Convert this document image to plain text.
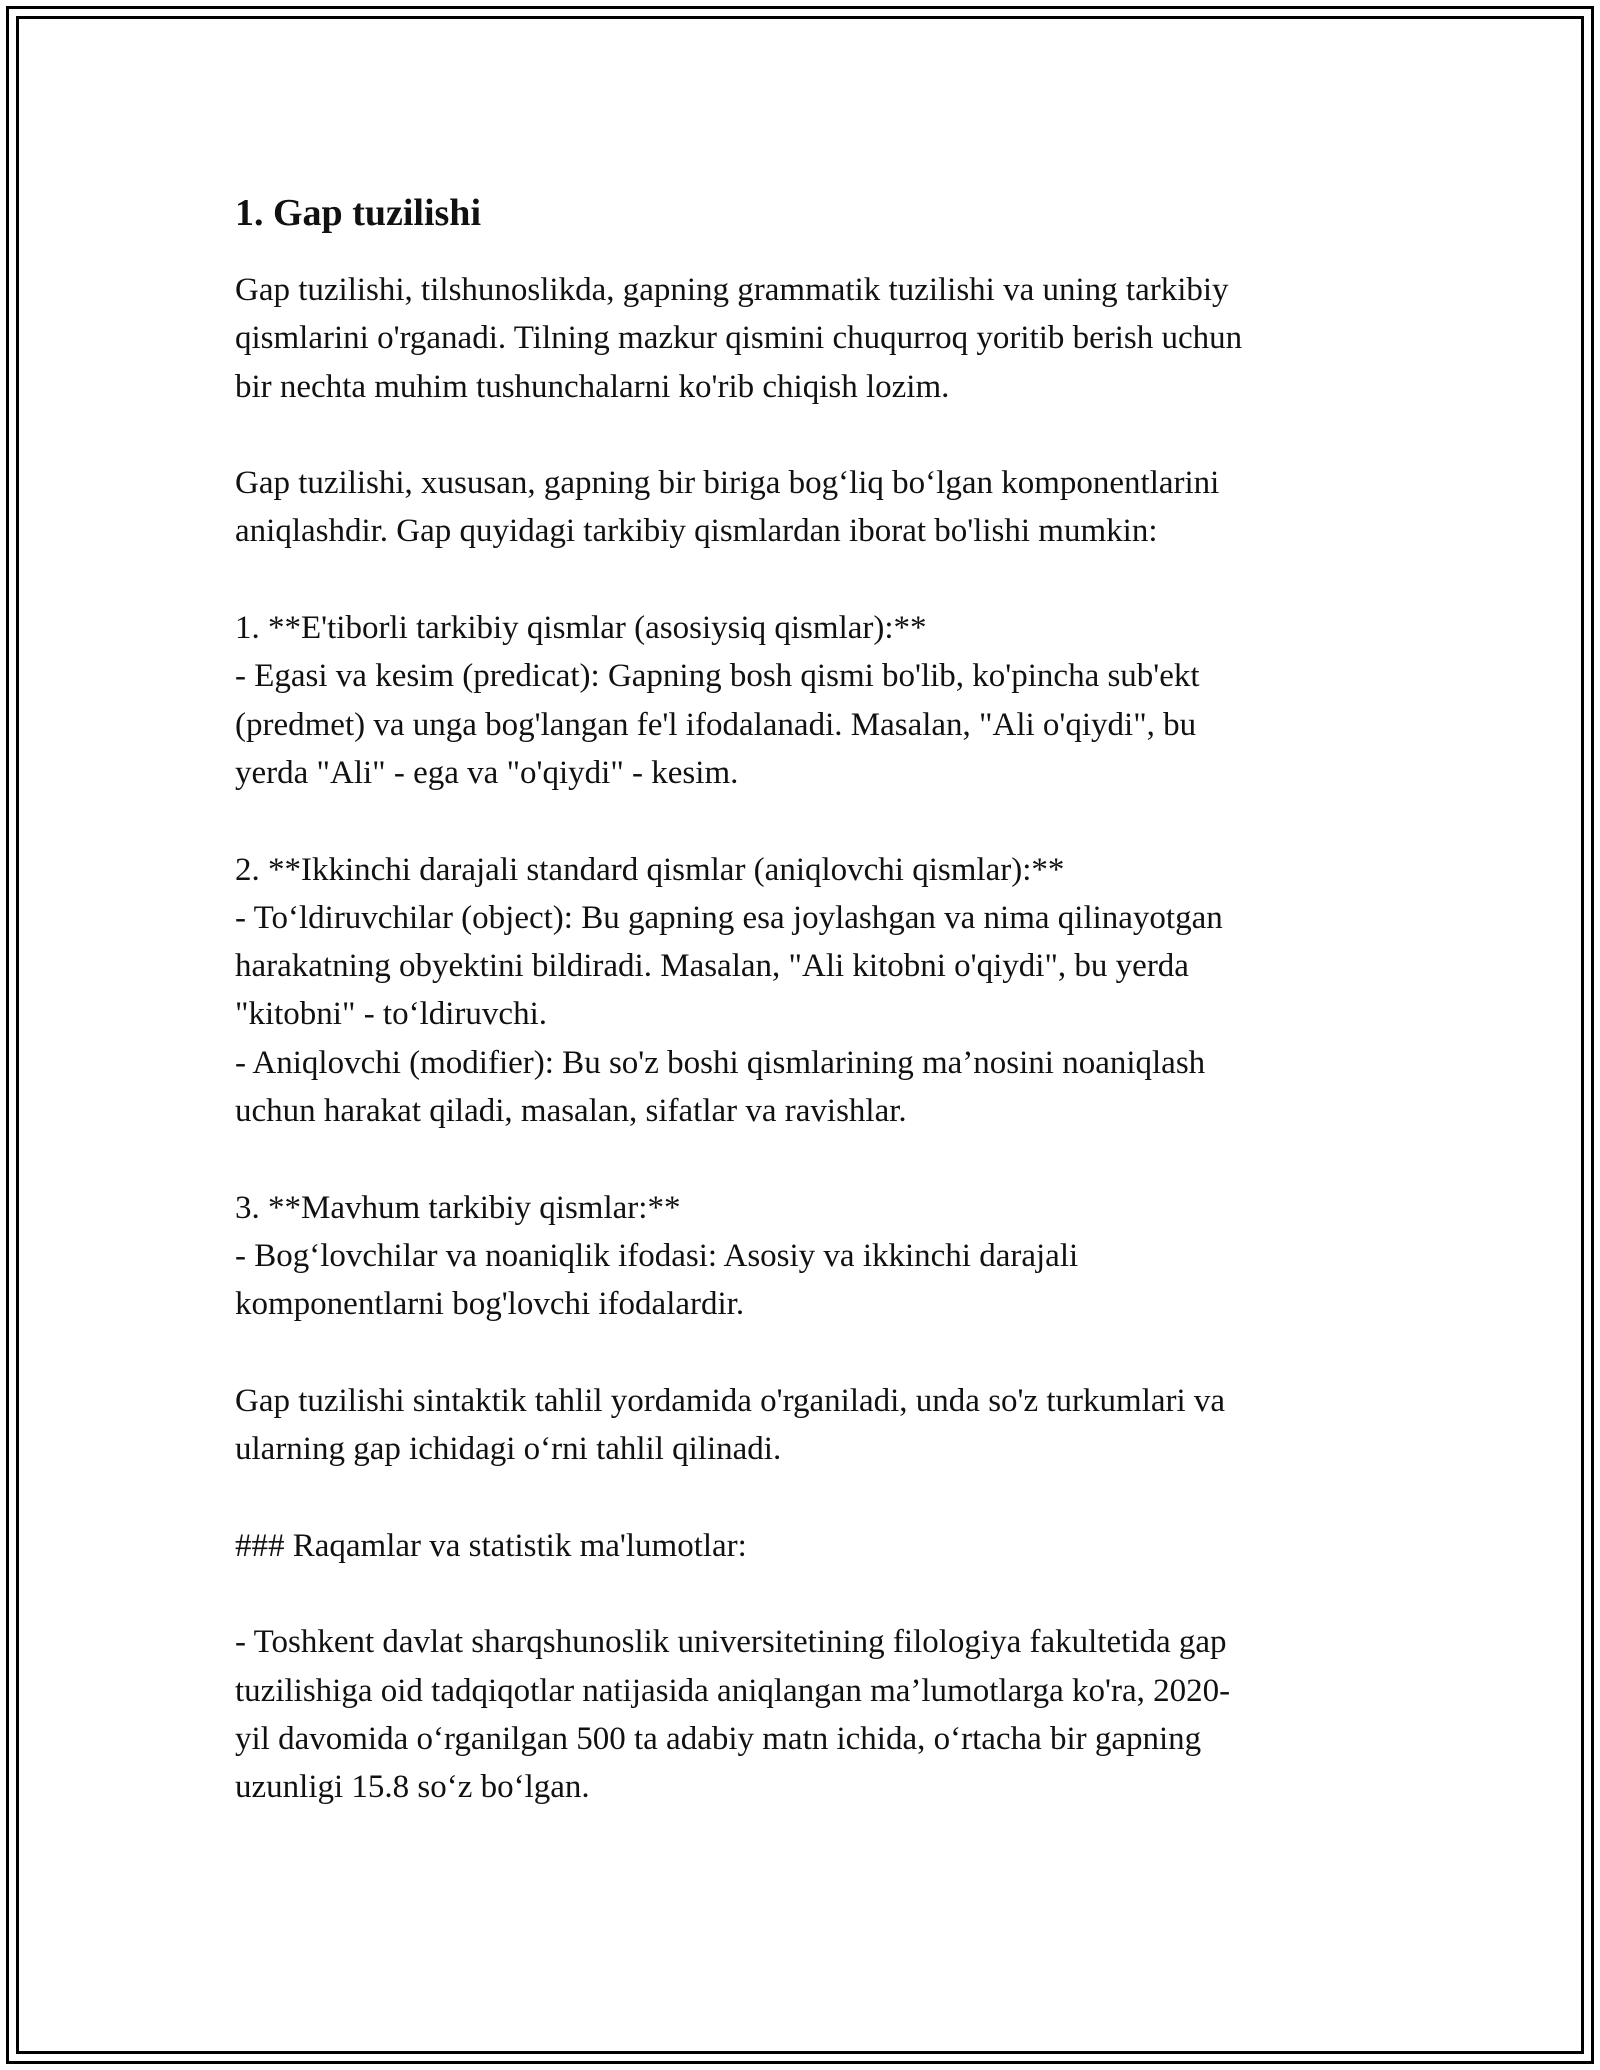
1. Gap tuzilishi

Gap tuzilishi, tilshunoslikda, gapning grammatik tuzilishi va uning tarkibiy
qismlarini o'rganadi. Tilning mazkur qismini chuqurroq yoritib berish uchun
bir nechta muhim tushunchalarni ko'rib chiqish lozim.

Gap tuzilishi, xususan, gapning bir biriga bog‘liq bo‘lgan komponentlarini
aniqlashdir. Gap quyidagi tarkibiy qismlardan iborat bo'lishi mumkin:

1. **E'tiborli tarkibiy qismlar (asosiysiq qismlar):**
- Egasi va kesim (predicat): Gapning bosh qismi bo'lib, ko'pincha sub'ekt
(predmet) va unga bog'langan fe'l ifodalanadi. Masalan, "Ali o'qiydi", bu
yerda "Ali" - ega va "o'qiydi" - kesim.

2. **Ikkinchi darajali standard qismlar (aniqlovchi qismlar):**
- To‘ldiruvchilar (object): Bu gapning esa joylashgan va nima qilinayotgan
harakatning obyektini bildiradi. Masalan, "Ali kitobni o'qiydi", bu yerda
"kitobni" - to‘ldiruvchi.
- Aniqlovchi (modifier): Bu so'z boshi qismlarining ma’nosini noaniqlash
uchun harakat qiladi, masalan, sifatlar va ravishlar.

3. **Mavhum tarkibiy qismlar:**
- Bog‘lovchilar va noaniqlik ifodasi: Asosiy va ikkinchi darajali
komponentlarni bog'lovchi ifodalardir.

Gap tuzilishi sintaktik tahlil yordamida o'rganiladi, unda so'z turkumlari va
ularning gap ichidagi o‘rni tahlil qilinadi.

### Raqamlar va statistik ma'lumotlar:

- Toshkent davlat sharqshunoslik universitetining filologiya fakultetida gap
tuzilishiga oid tadqiqotlar natijasida aniqlangan ma’lumotlarga ko'ra, 2020-
yil davomida o‘rganilgan 500 ta adabiy matn ichida, o‘rtacha bir gapning
uzunligi 15.8 so‘z bo‘lgan.
